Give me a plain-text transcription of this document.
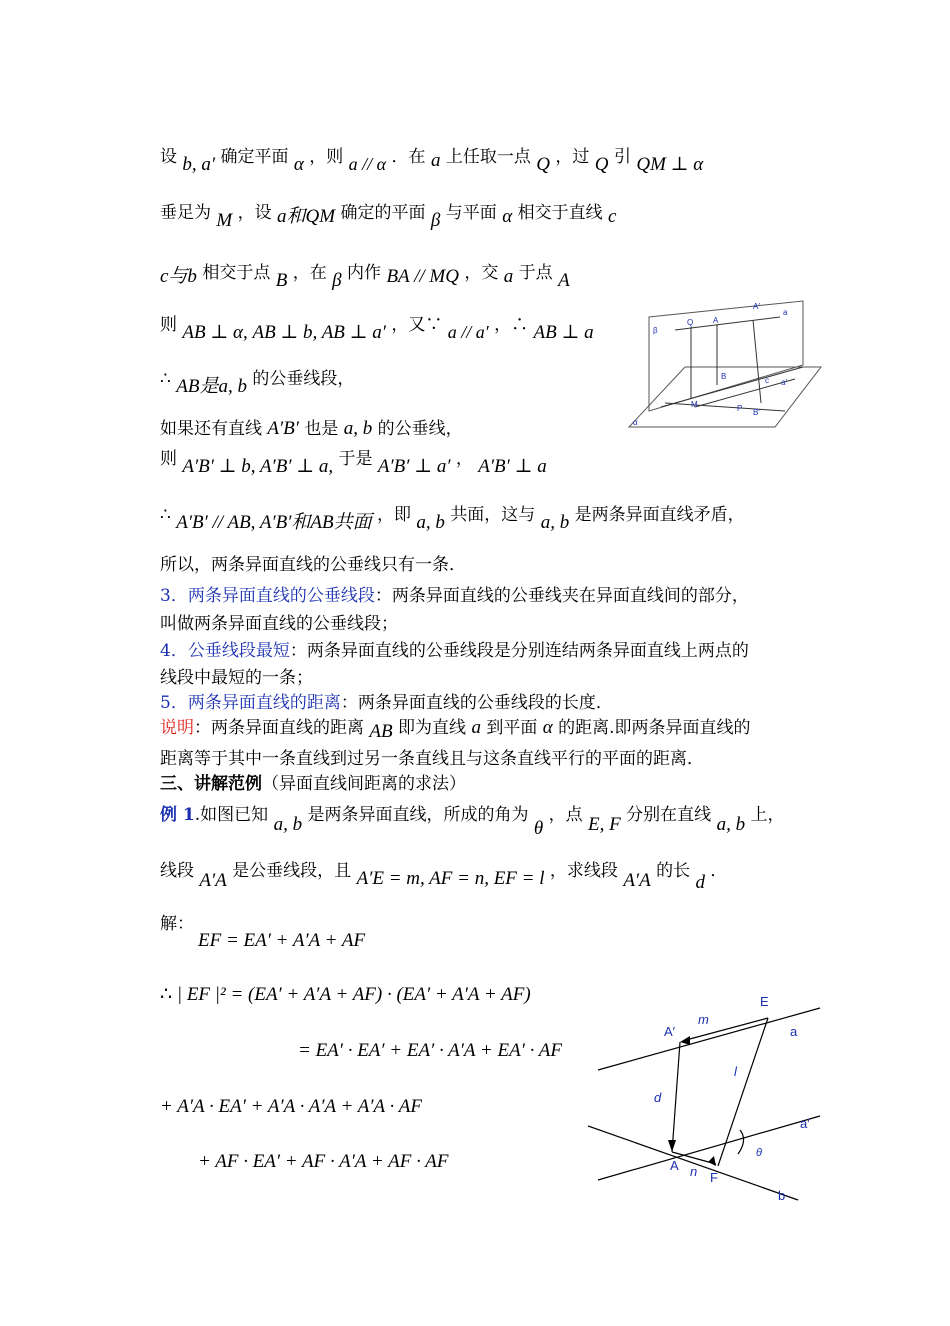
设 b, a′ 确定平面 α ，则 a // α ．在 a 上任取一点 Q ，过 Q 引 QM ⊥ α
垂足为 M ，设 a和QM 确定的平面 β 与平面 α 相交于直线 c
c与b 相交于点 B ，在 β 内作 BA // MQ ，交 a 于点 A
则 AB ⊥ α, AB ⊥ b, AB ⊥ a′ ，又∵ a // a′ ，∴ AB ⊥ a
∴ AB是a, b 的公垂线段，
如果还有直线 A′B′ 也是 a, b 的公垂线，
则 A′B′ ⊥ b, A′B′ ⊥ a, 于是 A′B′ ⊥ a′ ， A′B′ ⊥ a
∴ A′B′ // AB, A′B′和AB共面 ，即 a, b 共面，这与 a, b 是两条异面直线矛盾，
所以，两条异面直线的公垂线只有一条．
3．两条异面直线的公垂线段：两条异面直线的公垂线夹在异面直线间的部分，
叫做两条异面直线的公垂线段；
4．公垂线段最短：两条异面直线的公垂线段是分别连结两条异面直线上两点的
线段中最短的一条；
5．两条异面直线的距离：两条异面直线的公垂线段的长度．
说明：两条异面直线的距离 AB 即为直线 a 到平面 α 的距离.即两条异面直线的
距离等于其中一条直线到过另一条直线且与这条直线平行的平面的距离．
三、讲解范例（异面直线间距离的求法）
例 1.如图已知 a, b 是两条异面直线，所成的角为 θ ，点 E, F 分别在直线 a, b 上，
线段 A′A 是公垂线段，且 A′E = m, AF = n, EF = l ，求线段 A′A 的长 d ．
解：
EF = EA′ + A′A + AF
∴ | EF |² = (EA′ + A′A + AF) · (EA′ + A′A + AF)
= EA′ · EA′ + EA′ · A′A + EA′ · AF
+ A′A · EA′ + A′A · A′A + A′A · AF
+ AF · EA′ + AF · A′A + AF · AF
β
Q A
A′
a
B	c a′
M	P B′
α
E
A′
m
a
l
d
a′
θ
A n F
b
